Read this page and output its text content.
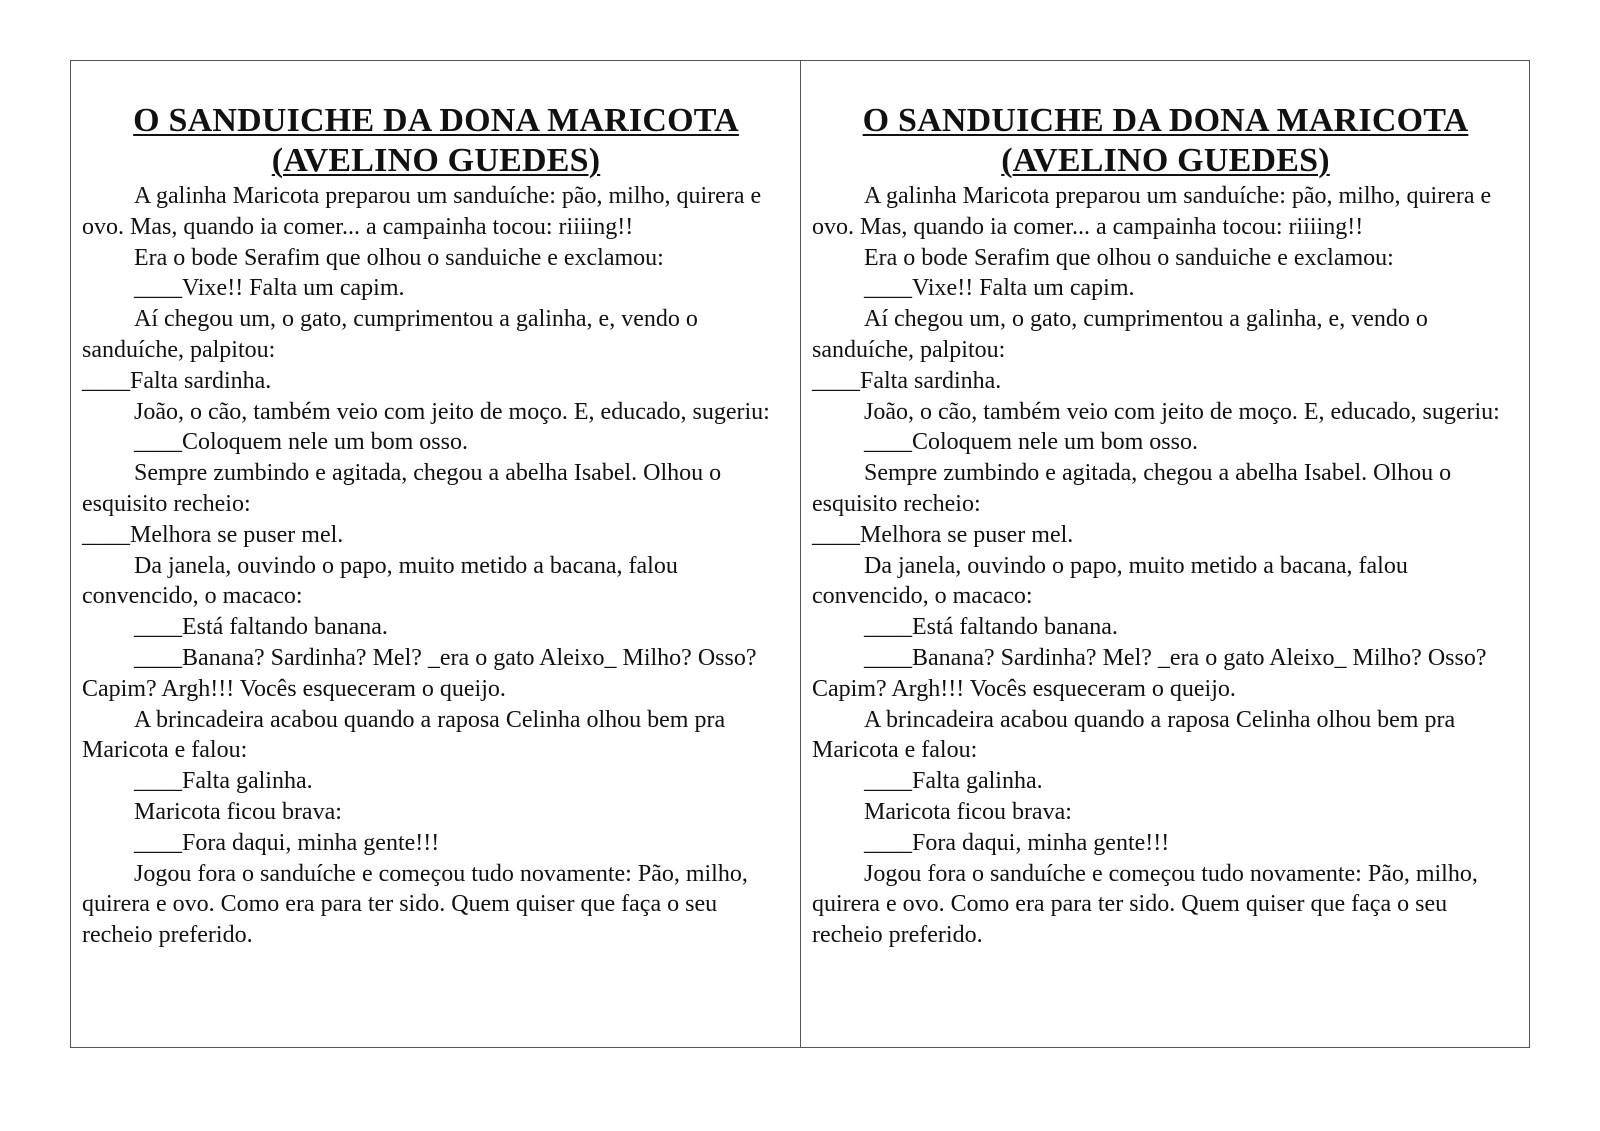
O SANDUICHE DA DONA MARICOTA
(AVELINO GUEDES)

A galinha Maricota preparou um sanduíche: pão, milho, quirera e ovo. Mas, quando ia comer... a campainha tocou: riiiing!!

Era o bode Serafim que olhou o sanduiche e exclamou:

____Vixe!! Falta um capim.

Aí chegou um, o gato, cumprimentou a galinha, e, vendo o sanduíche, palpitou:

____Falta sardinha.

João, o cão, também veio com jeito de moço. E, educado, sugeriu:

____Coloquem nele um bom osso.

Sempre zumbindo e agitada, chegou a abelha Isabel. Olhou o esquisito recheio:

____Melhora se puser mel.

Da janela, ouvindo o papo, muito metido a bacana, falou convencido, o macaco:

____Está faltando banana.

____Banana? Sardinha? Mel? _era o gato Aleixo_ Milho? Osso? Capim? Argh!!! Vocês esqueceram o queijo.

A brincadeira acabou quando a raposa Celinha olhou bem pra Maricota e falou:

____Falta galinha.

Maricota ficou brava:

____Fora daqui, minha gente!!!

Jogou fora o sanduíche e começou tudo novamente: Pão, milho, quirera e ovo. Como era para ter sido. Quem quiser que faça o seu recheio preferido.

O SANDUICHE DA DONA MARICOTA
(AVELINO GUEDES)

A galinha Maricota preparou um sanduíche: pão, milho, quirera e ovo. Mas, quando ia comer... a campainha tocou: riiiing!!

Era o bode Serafim que olhou o sanduiche e exclamou:

____Vixe!! Falta um capim.

Aí chegou um, o gato, cumprimentou a galinha, e, vendo o sanduíche, palpitou:

____Falta sardinha.

João, o cão, também veio com jeito de moço. E, educado, sugeriu:

____Coloquem nele um bom osso.

Sempre zumbindo e agitada, chegou a abelha Isabel. Olhou o esquisito recheio:

____Melhora se puser mel.

Da janela, ouvindo o papo, muito metido a bacana, falou convencido, o macaco:

____Está faltando banana.

____Banana? Sardinha? Mel? _era o gato Aleixo_ Milho? Osso? Capim? Argh!!! Vocês esqueceram o queijo.

A brincadeira acabou quando a raposa Celinha olhou bem pra Maricota e falou:

____Falta galinha.

Maricota ficou brava:

____Fora daqui, minha gente!!!

Jogou fora o sanduíche e começou tudo novamente: Pão, milho, quirera e ovo. Como era para ter sido. Quem quiser que faça o seu recheio preferido.
